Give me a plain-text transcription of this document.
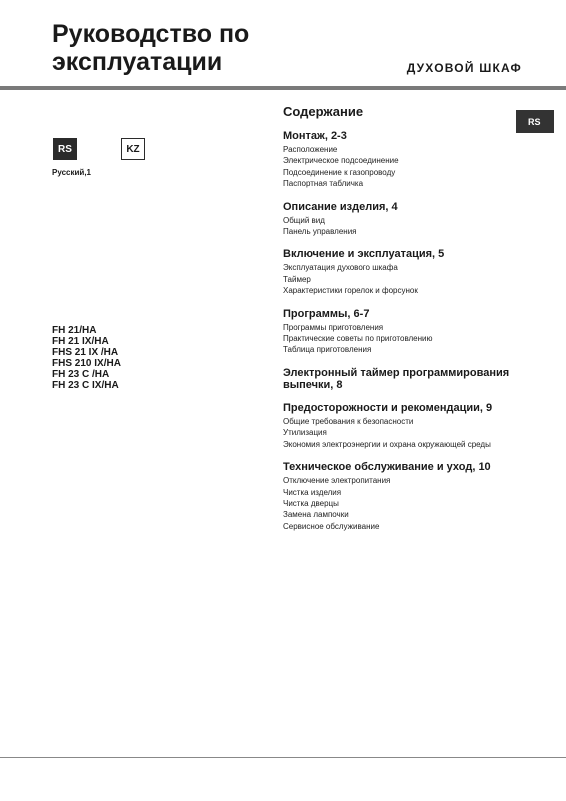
Руководство по
эксплуатации	ДУХОВОЙ ШКАФ
RS	KZ
Русский,1
FH 21/HA
FH 21 IX/HA
FHS 21 IX /HA
FHS 210 IX/HA
FH 23 C /HA
FH 23 C IX/HA
RS
Содержание
Монтаж, 2-3
Расположение
Электрическое подсоединение
Подсоединение к газопроводу
Паспортная табличка
Описание изделия, 4
Общий вид
Панель управления
Включение и эксплуатация, 5
Эксплуатация духового шкафа
Таймер
Характеристики горелок и форсунок
Программы, 6-7
Программы приготовления
Практические советы по приготовлению
Таблица приготовления
Электронный таймер программирования выпечки, 8
Предосторожности и рекомендации, 9
Общие требования к безопасности
Утилизация
Экономия электроэнергии и охрана окружающей среды
Техническое обслуживание и уход, 10
Отключение электропитания
Чистка изделия
Чистка дверцы
Замена лампочки
Сервисное обслуживание
